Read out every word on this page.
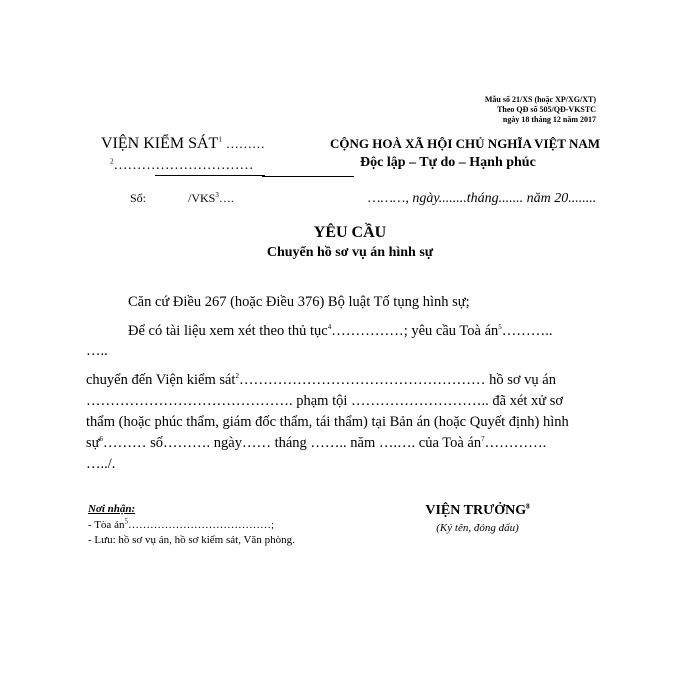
Mẫu số 21/XS (hoặc XP/XG/XT)
Theo QĐ số 505/QĐ-VKSTC
ngày 18 tháng 12 năm 2017
VIỆN KIỂM SÁT$^1$ ………
$^2$…………………………
CỘNG HOÀ XÃ HỘI CHỦ NGHĨA VIỆT NAM
Độc lập – Tự do – Hạnh phúc
Số:	/VKS$^3$….	………, ngày........tháng....... năm 20........
YÊU CẦU
Chuyển hồ sơ vụ án hình sự
Căn cứ Điều 267 (hoặc Điều 376) Bộ luật Tố tụng hình sự;
Để có tài liệu xem xét theo thủ tục$^4$……………; yêu cầu Toà $án^5\dots\dots\dots$..
…..
chuyển đến Viện kiểm sát$^2$…………………………………………… hồ sơ vụ án
……………………………………. phạm tội ……………………….. đã xét xử sơ
thẩm (hoặc phúc thẩm, giám đốc thẩm, tái thẩm) tại Bản án (hoặc Quyết định) hình
sự$^6$……… số………. ngày…… tháng …….. năm ….…. của Toà $án^7\dots\dots\dots\dots$.
…../.
Nơi nhận:
- Tòa $án^5\dots\dots\dots\dots\dots\dots\dots\dots\dots\dots\dots\dots\dots$;
- Lưu: hồ sơ vụ án, hồ sơ kiểm sát, Văn phòng.
VIỆN TRƯỞNG$^8$
(Ký tên, đóng dấu)
